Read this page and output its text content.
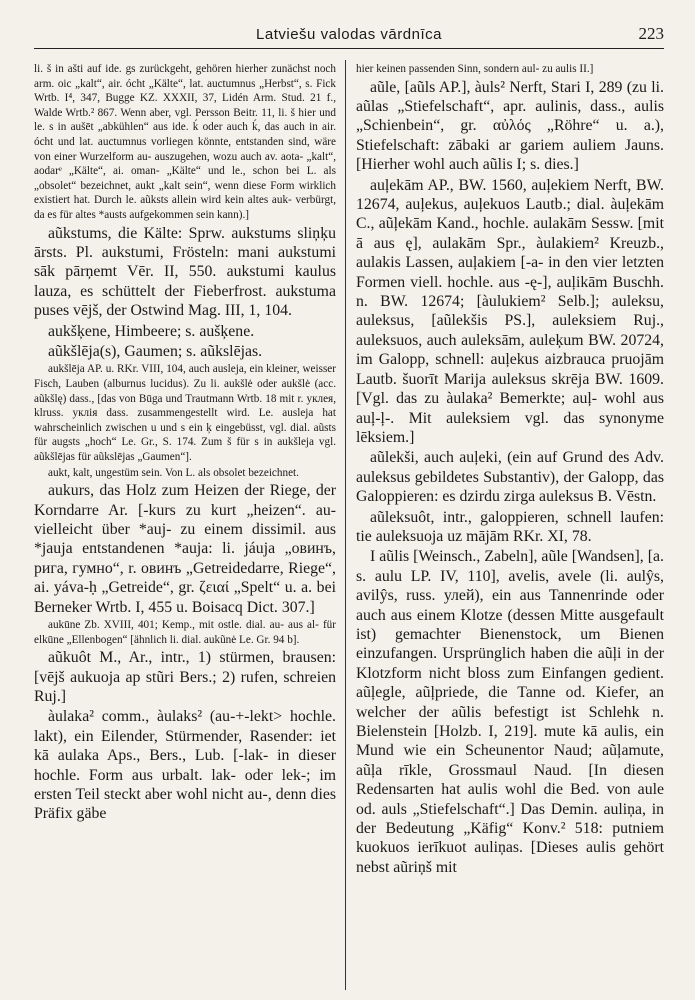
Latviešu valodas vārdnīca	223

li. š in ašti auf ide. gs zurückgeht, gehören hierher zunächst noch arm. oic „kalt“, air. ócht „Kälte“, lat. auctumnus „Herbst“, s. Fick Wrtb. I⁴, 347, Bugge KZ. XXXII, 37, Lidén Arm. Stud. 21 f., Walde Wrtb.² 867. Wenn aber, vgl. Persson Beitr. 11, li. š hier und le. s in aušēt „abkühlen“ aus ide. ḱ oder auch ḱ, das auch in air. ócht und lat. auctumnus vorliegen könnte, entstanden sind, wäre von einer Wurzelform au- auszugehen, wozu auch av. aota- „kalt“, aodarᵉ „Kälte“, ai. oman- „Kälte“ und le., schon bei L. als „obsolet“ bezeichnet, aukt „kalt sein“, wenn diese Form wirklich existiert hat. Durch le. aũksts allein wird kein altes auk- verbürgt, da es für altes *austs aufgekommen sein kann).]

aũkstums, die Kälte: Sprw. aukstums sliņķu ārsts. Pl. aukstumi, Frösteln: mani aukstumi sāk pārņemt Vēr. II, 550. aukstumi kaulus lauza, es schüttelt der Fieberfrost. aukstuma puses vējš, der Ostwind Mag. III, 1, 104.

aukšķene, Himbeere; s. aušķene.

aũkšlēja(s), Gaumen; s. aũkslējas.

aukšlēja AP. u. RKr. VIII, 104, auch ausleja, ein kleiner, weisser Fisch, Lauben (alburnus lucidus). Zu li. aukšlė oder aukšlė (acc. aũkšlę) dass., [das von Būga und Trautmann Wrtb. 18 mit r. уклея, klruss. уклія dass. zusammengestellt wird. Le. ausleja hat wahrscheinlich zwischen u und s ein ķ eingebüsst, vgl. dial. aũsts für augsts „hoch“ Le. Gr., S. 174. Zum š für s in aukšleja vgl. aũkšlējas für aũkslējas „Gaumen“].

aukt, kalt, ungestüm sein. Von L. als obsolet bezeichnet.

aukurs, das Holz zum Heizen der Riege, der Korndarre Ar. [-kurs zu kurt „heizen“. au- vielleicht über *auj- zu einem dissimil. aus *jauja entstandenen *auja: li. jáuja „овинъ, рига, гумно“, r. овинъ „Getreidedarre, Riege“, ai. yáva-ḥ „Getreide“, gr. ζειαί „Spelt“ u. a. bei Berneker Wrtb. I, 455 u. Boisacq Dict. 307.]

aukūne Zb. XVIII, 401; Kemp., mit ostle. dial. au- aus al- für elkūne „Ellenbogen“ [ähnlich li. dial. aukũnė Le. Gr. 94 b].

aũkuôt M., Ar., intr., 1) stürmen, brausen: [vējš aukuoja ap stũri Bers.; 2) rufen, schreien Ruj.]

àulaka² comm., àulaks² (au-+-lekt> hochle. lakt), ein Eilender, Stürmender, Rasender: iet kā aulaka Aps., Bers., Lub. [-lak- in dieser hochle. Form aus urbalt. lak- oder lek-; im ersten Teil steckt aber wohl nicht au-, denn dies Präfix gäbe

hier keinen passenden Sinn, sondern aul- zu aulis II.]

aũle, [aũls AP.], àuls² Nerft, Stari I, 289 (zu li. aũlas „Stiefelschaft“, apr. aulinis, dass., aulis „Schienbein“, gr. αὐλός „Röhre“ u. a.), Stiefelschaft: zābaki ar gariem auliem Jauns. [Hierher wohl auch aũlis I; s. dies.]

auļekām AP., BW. 1560, auļekiem Nerft, BW. 12674, auļekus, auļekuos Lautb.; dial. àuļekām C., aũļekām Kand., hochle. aulakām Sessw. [mit ā aus ę], aulakām Spr., àulakiem² Kreuzb., aulakis Lassen, auļakiem [-a- in den vier letzten Formen viell. hochle. aus -ę-], auļikām Buschh. n. BW. 12674; [àulukiem² Selb.]; auleksu, auleksus, [aũlekšis PS.], auleksiem Ruj., auleksuos, auch auleksām, auleķum BW. 20724, im Galopp, schnell: auļekus aizbrauca pruojām Lautb. šuorīt Marija auleksus skrēja BW. 1609. [Vgl. das zu àulaka² Bemerkte; auļ- wohl aus auļ-ļ-. Mit auleksiem vgl. das synonyme lēksiem.]

aũlekši, auch auļeki, (ein auf Grund des Adv. auleksus gebildetes Substantiv), der Galopp, das Galoppieren: es dzirdu zirga auleksus B. Vēstn.

aũleksuôt, intr., galoppieren, schnell laufen: tie auleksuoja uz mājām RKr. XI, 78.

I aũlis [Weinsch., Zabeln], aũle [Wandsen], [a. s. aulu LP. IV, 110], avelis, avele (li. aulŷs, avilŷs, russ. улей), ein aus Tannenrinde oder auch aus einem Klotze (dessen Mitte ausgefault ist) gemachter Bienenstock, um Bienen einzufangen. Ursprünglich haben die aũļi in der Klotzform nicht bloss zum Einfangen gedient. aũļegle, aũļpriede, die Tanne od. Kiefer, an welcher der aũlis befestigt ist Schlehk n. Bielenstein [Holzb. I, 219]. mute kā aulis, ein Mund wie ein Scheunentor Naud; aũļamute, aũļa rīkle, Grossmaul Naud. [In diesen Redensarten hat aulis wohl die Bed. von aule od. auls „Stiefelschaft“.] Das Demin. auliņa, in der Bedeutung „Käfig“ Konv.² 518: putniem kuokuos ierīkuot auliņas. [Dieses aulis gehört nebst aũriņš mit
